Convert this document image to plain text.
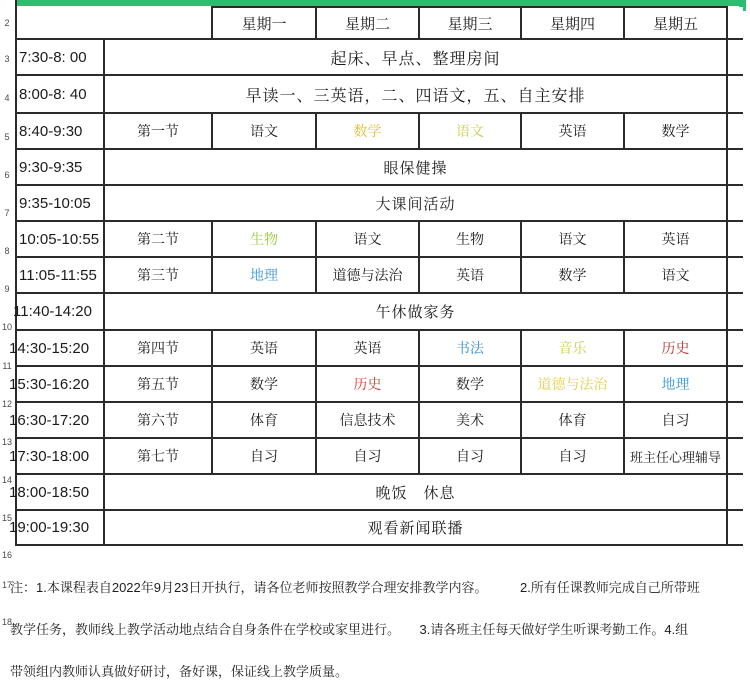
2
3
4
5
6
7
8
9
10
11
12
13
14
15
16
17
18
		星期一	星期二	星期三	星期四	星期五	
7:30-8: 00	起床、早点、整理房间						
8:00-8: 40	早读一、三英语，二、四语文，五、自主安排						
8:40-9:30	第一节	语文	数学	语文	英语	数学	
9:30-9:35	眼保健操						
9:35-10:05	大课间活动						
10:05-10:55	第二节	生物	语文	生物	语文	英语	
11:05-11:55	第三节	地理	道德与法治	英语	数学	语文	
11:40-14:20	午休做家务						
14:30-15:20	第四节	英语	英语	书法	音乐	历史	
15:30-16:20	第五节	数学	历史	数学	道德与法治	地理	
16:30-17:20	第六节	体育	信息技术	美术	体育	自习	
17:30-18:00	第七节	自习	自习	自习	自习	班主任心理辅导	
18:00-18:50	晚饭　休息						
19:00-19:30	观看新闻联播						
注：1.本课程表自2022年9月23日开执行，请各位老师按照教学合理安排教学内容。　　　2.所有任课教师完成自己所带班

教学任务，教师线上教学活动地点结合自身条件在学校或家里进行。　　3.请各班主任每天做好学生听课考勤工作。4.组

带领组内教师认真做好研讨，备好课，保证线上教学质量。
